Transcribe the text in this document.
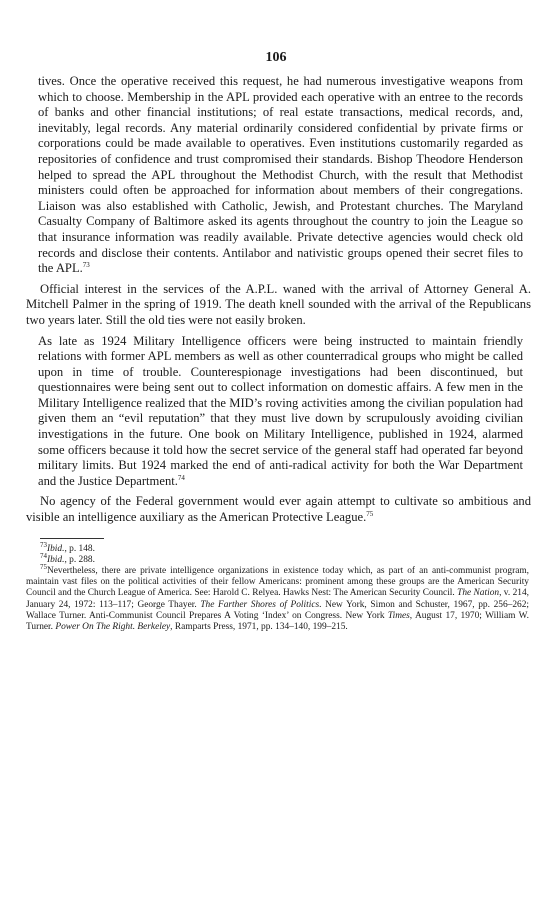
106

tives. Once the operative received this request, he had numerous investigative weapons from which to choose. Membership in the APL provided each operative with an entree to the records of banks and other financial institutions; of real estate transactions, medical records, and, inevitably, legal records. Any material ordinarily considered confidential by private firms or corporations could be made available to operatives. Even institutions customarily regarded as repositories of confidence and trust compromised their standards. Bishop Theodore Henderson helped to spread the APL throughout the Methodist Church, with the result that Methodist ministers could often be approached for information about members of their congregations. Liaison was also established with Catholic, Jewish, and Protestant churches. The Maryland Casualty Company of Baltimore asked its agents throughout the country to join the League so that insurance information was readily available. Private detective agencies would check old records and disclose their contents. Antilabor and nativistic groups opened their secret files to the APL.$^{73}$

Official interest in the services of the A.P.L. waned with the arrival of Attorney General A. Mitchell Palmer in the spring of 1919. The death knell sounded with the arrival of the Republicans two years later. Still the old ties were not easily broken.

As late as 1924 Military Intelligence officers were being instructed to maintain friendly relations with former APL members as well as other counterradical groups who might be called upon in time of trouble. Counterespionage investigations had been discontinued, but questionnaires were being sent out to collect information on domestic affairs. A few men in the Military Intelligence realized that the MID’s roving activities among the civilian population had given them an “evil reputation” that they must live down by scrupulously avoiding civilian investigations in the future. One book on Military Intelligence, published in 1924, alarmed some officers because it told how the secret service of the general staff had operated far beyond military limits. But 1924 marked the end of anti-radical activity for both the War Department and the Justice Department.$^{74}$

No agency of the Federal government would ever again attempt to cultivate so ambitious and visible an intelligence auxiliary as the American Protective League.$^{75}$

$^{73}$Ibid., p. 148.

$^{74}$Ibid., p. 288.

$^{75}$Nevertheless, there are private intelligence organizations in existence today which, as part of an anti-communist program, maintain vast files on the political activities of their fellow Americans: prominent among these groups are the American Security Council and the Church League of America. See: Harold C. Relyea. Hawks Nest: The American Security Council. The Nation, v. 214, January 24, 1972: 113–117; George Thayer. The Farther Shores of Politics. New York, Simon and Schuster, 1967, pp. 256–262; Wallace Turner. Anti-Communist Council Prepares A Voting ‘Index’ on Congress. New York Times, August 17, 1970; William W. Turner. Power On The Right. Berkeley, Ramparts Press, 1971, pp. 134–140, 199–215.
